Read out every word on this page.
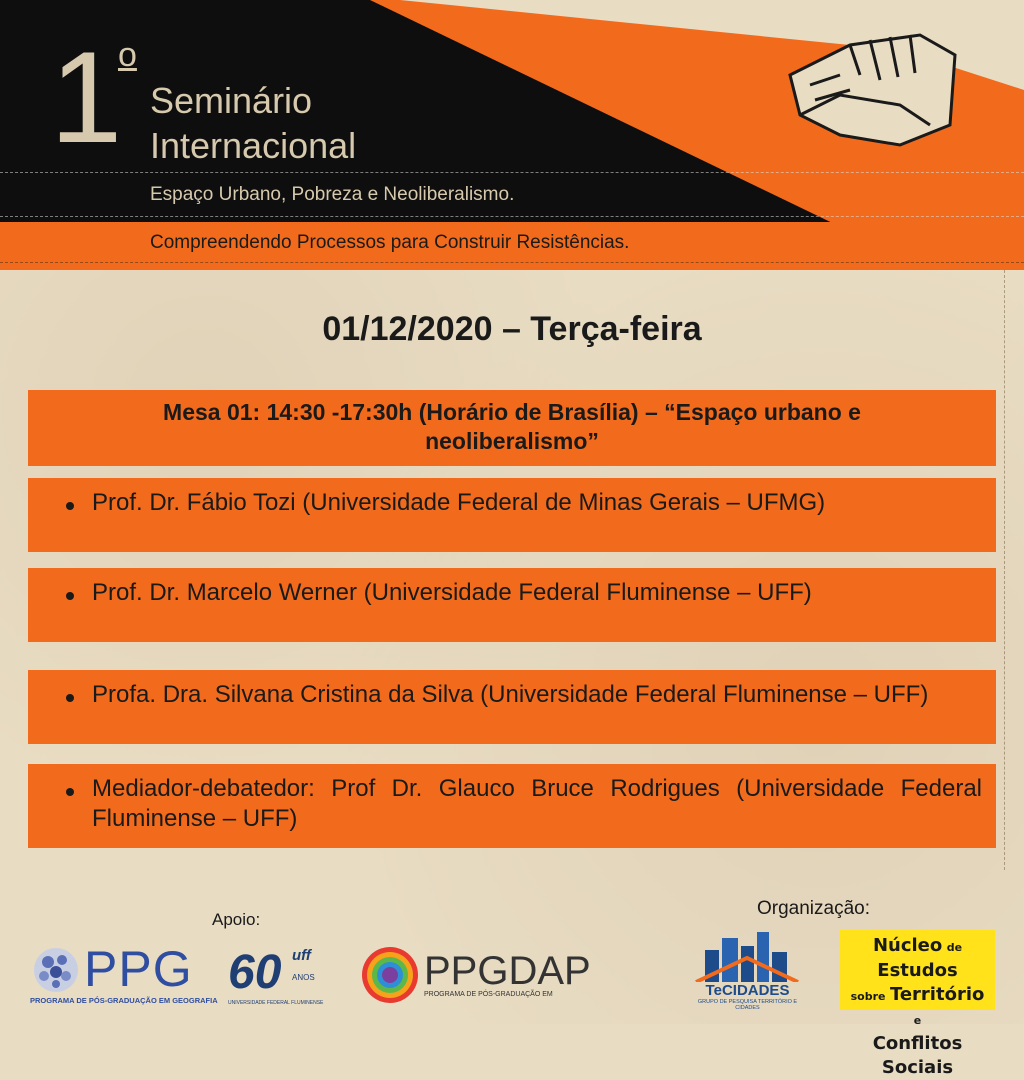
1
o
Seminário
Internacional
Espaço Urbano, Pobreza e Neoliberalismo.
Compreendendo Processos para Construir Resistências.
01/12/2020 – Terça-feira
Mesa 01: 14:30 -17:30h (Horário de Brasília) – “Espaço urbano e
neoliberalismo”
Prof. Dr. Fábio Tozi (Universidade Federal de Minas Gerais – UFMG)
Prof. Dr. Marcelo Werner (Universidade Federal Fluminense – UFF)
Profa. Dra. Silvana Cristina da Silva (Universidade Federal Fluminense – UFF)
Mediador-debatedor: Prof Dr. Glauco Bruce Rodrigues (Universidade Federal Fluminense – UFF)
Apoio:
Organização:
PPG
PROGRAMA DE PÓS-GRADUAÇÃO EM GEOGRAFIA
60 uff
ANOS
UNIVERSIDADE FEDERAL FLUMINENSE
PPGDAP
PROGRAMA DE PÓS-GRADUAÇÃO EM	TeCIDADES
GRUPO DE PESQUISA TERRITÓRIO E CIDADES
Núcleo de Estudos
sobre Território e
Conflitos Sociais
